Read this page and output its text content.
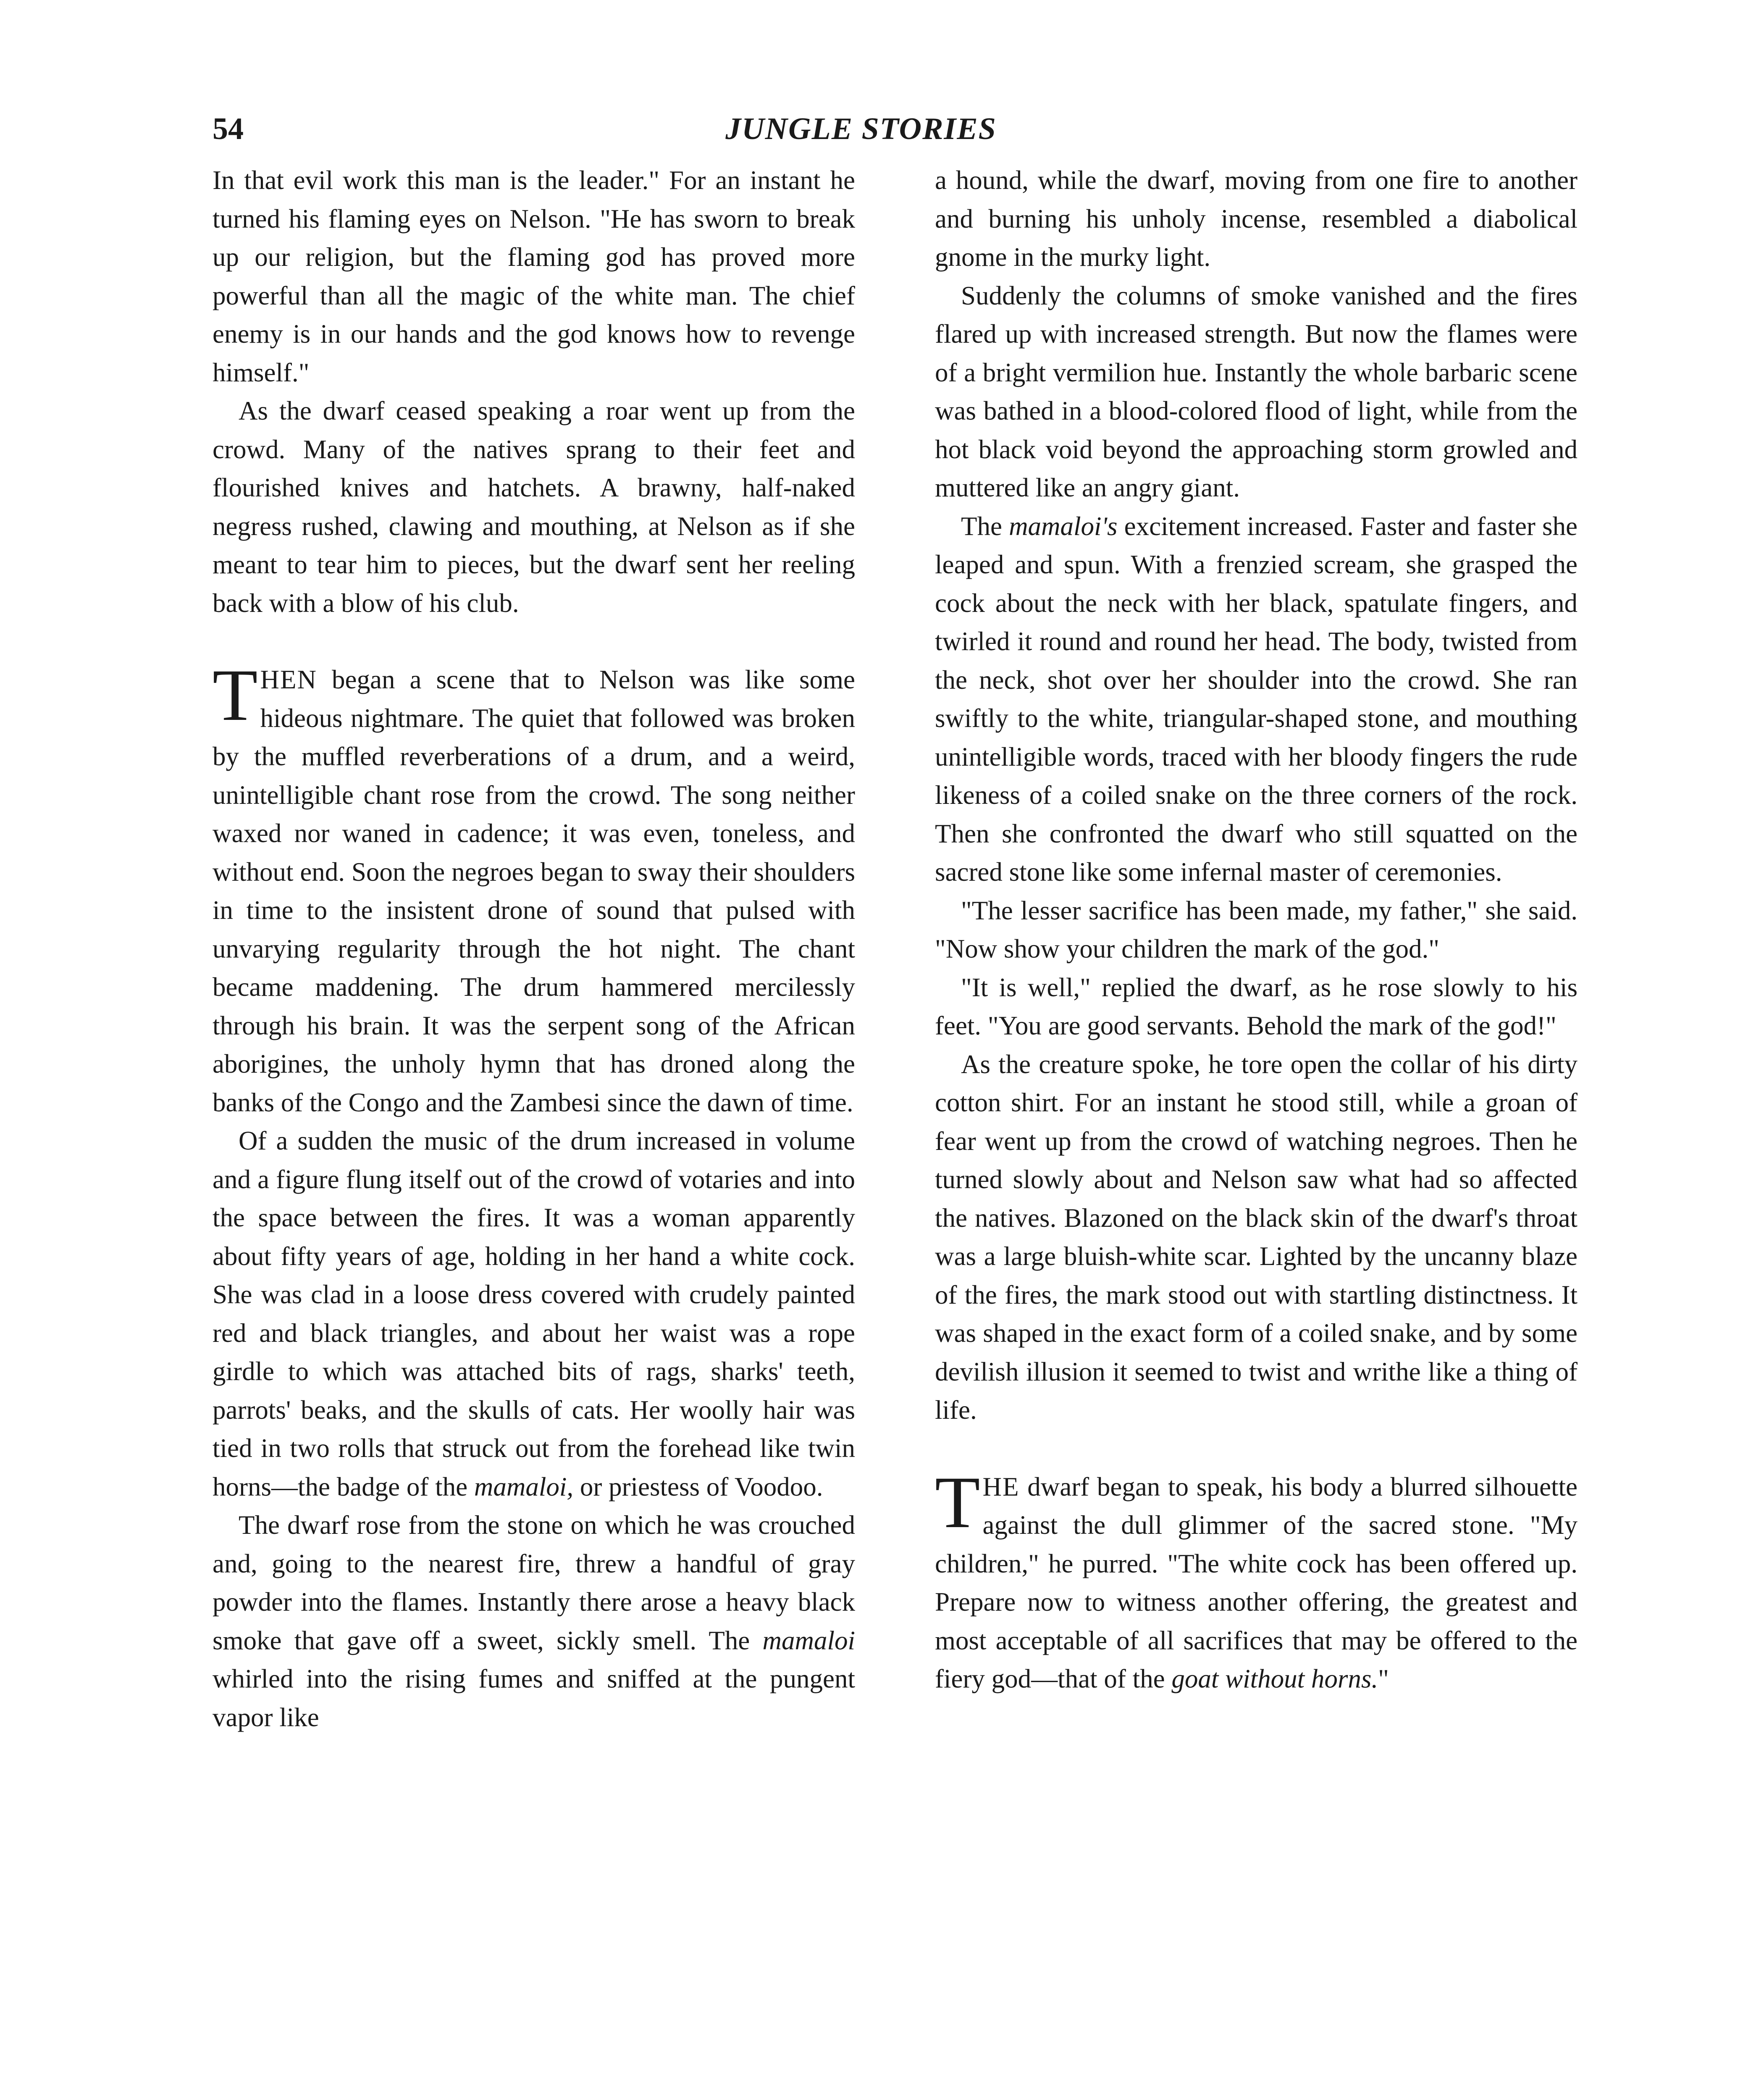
54	JUNGLE STORIES

In that evil work this man is the leader." For an instant he turned his flaming eyes on Nelson. "He has sworn to break up our religion, but the flaming god has proved more powerful than all the magic of the white man. The chief enemy is in our hands and the god knows how to revenge himself."

As the dwarf ceased speaking a roar went up from the crowd. Many of the natives sprang to their feet and flourished knives and hatchets. A brawny, half-naked negress rushed, clawing and mouthing, at Nelson as if she meant to tear him to pieces, but the dwarf sent her reeling back with a blow of his club.

THEN began a scene that to Nelson was like some hideous nightmare. The quiet that followed was broken by the muffled reverberations of a drum, and a weird, unintelligible chant rose from the crowd. The song neither waxed nor waned in cadence; it was even, toneless, and without end. Soon the negroes began to sway their shoulders in time to the insistent drone of sound that pulsed with unvarying regularity through the hot night. The chant became maddening. The drum hammered mercilessly through his brain. It was the serpent song of the African aborigines, the unholy hymn that has droned along the banks of the Congo and the Zambesi since the dawn of time.

Of a sudden the music of the drum increased in volume and a figure flung itself out of the crowd of votaries and into the space between the fires. It was a woman apparently about fifty years of age, holding in her hand a white cock. She was clad in a loose dress covered with crudely painted red and black triangles, and about her waist was a rope girdle to which was attached bits of rags, sharks' teeth, parrots' beaks, and the skulls of cats. Her woolly hair was tied in two rolls that struck out from the forehead like twin horns—the badge of the mamaloi, or priestess of Voodoo.

The dwarf rose from the stone on which he was crouched and, going to the nearest fire, threw a handful of gray powder into the flames. Instantly there arose a heavy black smoke that gave off a sweet, sickly smell. The mamaloi whirled into the rising fumes and sniffed at the pungent vapor like

a hound, while the dwarf, moving from one fire to another and burning his unholy incense, resembled a diabolical gnome in the murky light.

Suddenly the columns of smoke vanished and the fires flared up with increased strength. But now the flames were of a bright vermilion hue. Instantly the whole barbaric scene was bathed in a blood-colored flood of light, while from the hot black void beyond the approaching storm growled and muttered like an angry giant.

The mamaloi's excitement increased. Faster and faster she leaped and spun. With a frenzied scream, she grasped the cock about the neck with her black, spatulate fingers, and twirled it round and round her head. The body, twisted from the neck, shot over her shoulder into the crowd. She ran swiftly to the white, triangular-shaped stone, and mouthing unintelligible words, traced with her bloody fingers the rude likeness of a coiled snake on the three corners of the rock. Then she confronted the dwarf who still squatted on the sacred stone like some infernal master of ceremonies.

"The lesser sacrifice has been made, my father," she said. "Now show your children the mark of the god."

"It is well," replied the dwarf, as he rose slowly to his feet. "You are good servants. Behold the mark of the god!"

As the creature spoke, he tore open the collar of his dirty cotton shirt. For an instant he stood still, while a groan of fear went up from the crowd of watching negroes. Then he turned slowly about and Nelson saw what had so affected the natives. Blazoned on the black skin of the dwarf's throat was a large bluish-white scar. Lighted by the uncanny blaze of the fires, the mark stood out with startling distinctness. It was shaped in the exact form of a coiled snake, and by some devilish illusion it seemed to twist and writhe like a thing of life.

THE dwarf began to speak, his body a blurred silhouette against the dull glimmer of the sacred stone. "My children," he purred. "The white cock has been offered up. Prepare now to witness another offering, the greatest and most acceptable of all sacrifices that may be offered to the fiery god—that of the goat without horns."
